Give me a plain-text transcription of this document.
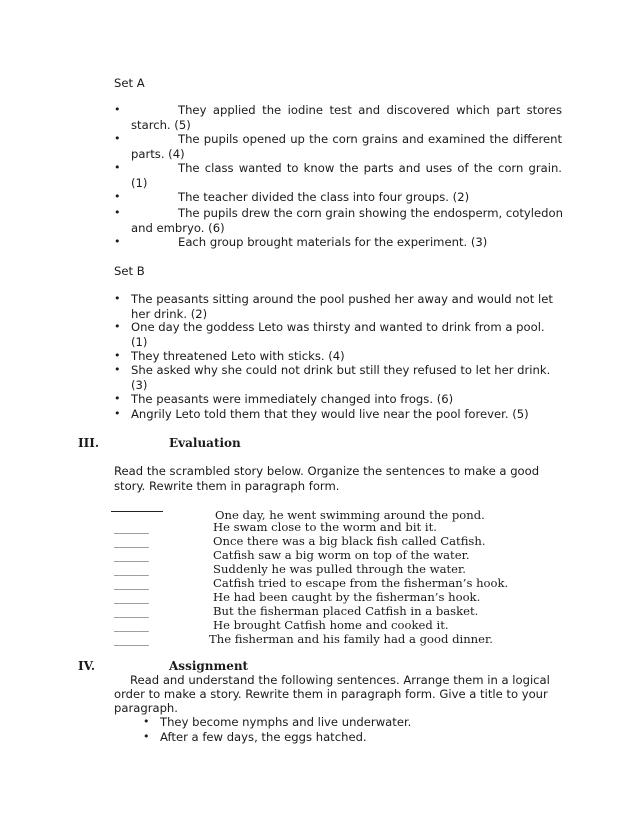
Set A
•	They applied the iodine test and discovered which part stores
starch. (5)
•	The pupils opened up the corn grains and examined the different
parts. (4)
•	The class wanted to know the parts and uses of the corn grain.
(1)
•	The teacher divided the class into four groups. (2)
•	The pupils drew the corn grain showing the endosperm, cotyledon
and embryo. (6)
•	Each group brought materials for the experiment. (3)
Set B
• The peasants sitting around the pool pushed her away and would not let
her drink. (2)
• One day the goddess Leto was thirsty and wanted to drink from a pool.
(1)
• They threatened Leto with sticks. (4)
• She asked why she could not drink but still they refused to let her drink.
(3)
• The peasants were immediately changed into frogs. (6)
• Angrily Leto told them that they would live near the pool forever. (5)
III.	Evaluation
Read the scrambled story below. Organize the sentences to make a good
story. Rewrite them in paragraph form.
One day, he went swimming around the pond.
______	He swam close to the worm and bit it.
______	Once there was a big black fish called Catfish.
______	Catfish saw a big worm on top of the water.
______	Suddenly he was pulled through the water.
______	Catfish tried to escape from the fisherman’s hook.
______	He had been caught by the fisherman’s hook.
______	But the fisherman placed Catfish in a basket.
______	He brought Catfish home and cooked it.
______	The fisherman and his family had a good dinner.
IV.	Assignment
Read and understand the following sentences. Arrange them in a logical
order to make a story. Rewrite them in paragraph form. Give a title to your
paragraph.
• They become nymphs and live underwater.
• After a few days, the eggs hatched.
